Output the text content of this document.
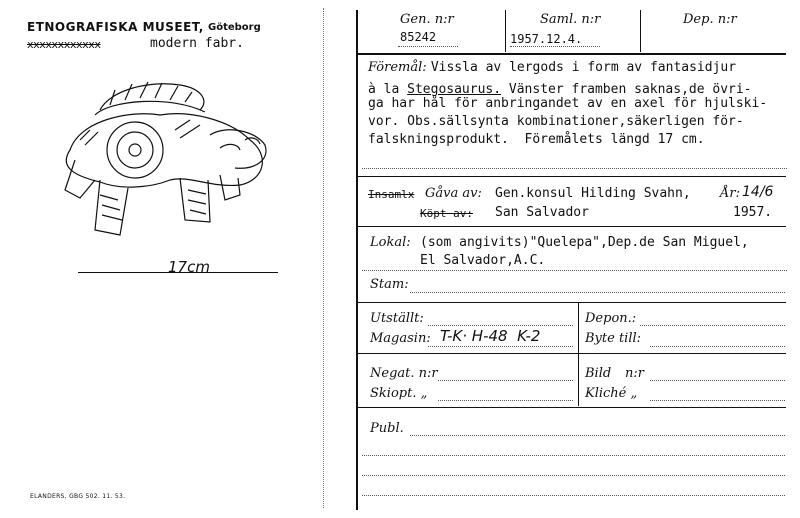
ETNOGRAFISKA MUSEET, Göteborg
xxxxxxxxxxxx	modern fabr.
17cm
ELANDERS, GBG 502. 11. 53.
Gen. n:r	Saml. n:r	Dep. n:r
85242	1957.12.4.
Föremål: Vissla av lergods i form av fantasidjur
à la Stegosaurus. Vänster framben saknas,de övri-
ga har hål för anbringandet av en axel för hjulski-
vor. Obs.sällsynta kombinationer,säkerligen för-
falskningsprodukt.  Föremålets längd 17 cm.
Insamlx Gåva av: Gen.konsul Hilding Svahn, År: 14/6
Köpt av: San Salvador	1957.
Lokal: (som angivits)"Quelepa",Dep.de San Miguel,
El Salvador,A.C.
Stam:
Utställt:	Depon.:
Magasin: T-K· H-48  K-2	Byte till:
Negat. n:r	Bild n:r
Skiopt. „	Kliché „
Publ.
